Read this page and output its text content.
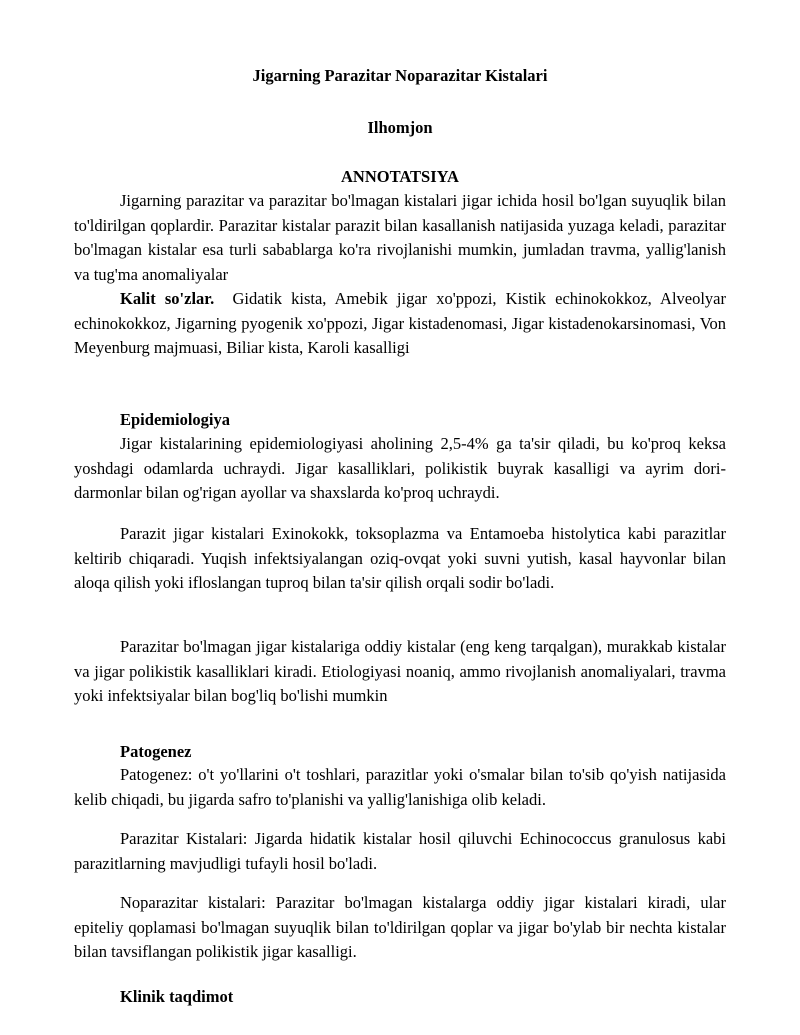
Jigarning Parazitar Noparazitar Kistalari
Ilhomjon
ANNOTATSIYA
Jigarning parazitar va parazitar bo'lmagan kistalari jigar ichida hosil bo'lgan suyuqlik bilan to'ldirilgan qoplardir. Parazitar kistalar parazit bilan kasallanish natijasida yuzaga keladi, parazitar bo'lmagan kistalar esa turli sabablarga ko'ra rivojlanishi mumkin, jumladan travma, yallig'lanish va tug'ma anomaliyalar
Kalit so'zlar. Gidatik kista, Amebik jigar xo'ppozi, Kistik echinokokkoz, Alveolyar echinokokkoz, Jigarning pyogenik xo'ppozi, Jigar kistadenomasi, Jigar kistadenokarsinomasi, Von Meyenburg majmuasi, Biliar kista, Karoli kasalligi
Epidemiologiya
Jigar kistalarining epidemiologiyasi aholining 2,5-4% ga ta'sir qiladi, bu ko'proq keksa yoshdagi odamlarda uchraydi. Jigar kasalliklari, polikistik buyrak kasalligi va ayrim dori-darmonlar bilan og'rigan ayollar va shaxslarda ko'proq uchraydi.
Parazit jigar kistalari Exinokokk, toksoplazma va Entamoeba histolytica kabi parazitlar keltirib chiqaradi. Yuqish infektsiyalangan oziq-ovqat yoki suvni yutish, kasal hayvonlar bilan aloqa qilish yoki ifloslangan tuproq bilan ta'sir qilish orqali sodir bo'ladi.
Parazitar bo'lmagan jigar kistalariga oddiy kistalar (eng keng tarqalgan), murakkab kistalar va jigar polikistik kasalliklari kiradi. Etiologiyasi noaniq, ammo rivojlanish anomaliyalari, travma yoki infektsiyalar bilan bog'liq bo'lishi mumkin
Patogenez
Patogenez: o't yo'llarini o't toshlari, parazitlar yoki o'smalar bilan to'sib qo'yish natijasida kelib chiqadi, bu jigarda safro to'planishi va yallig'lanishiga olib keladi.
Parazitar Kistalari: Jigarda hidatik kistalar hosil qiluvchi Echinococcus granulosus kabi parazitlarning mavjudligi tufayli hosil bo'ladi.
Noparazitar kistalari: Parazitar bo'lmagan kistalarga oddiy jigar kistalari kiradi, ular epiteliy qoplamasi bo'lmagan suyuqlik bilan to'ldirilgan qoplar va jigar bo'ylab bir nechta kistalar bilan tavsiflangan polikistik jigar kasalligi.
Klinik taqdimot
